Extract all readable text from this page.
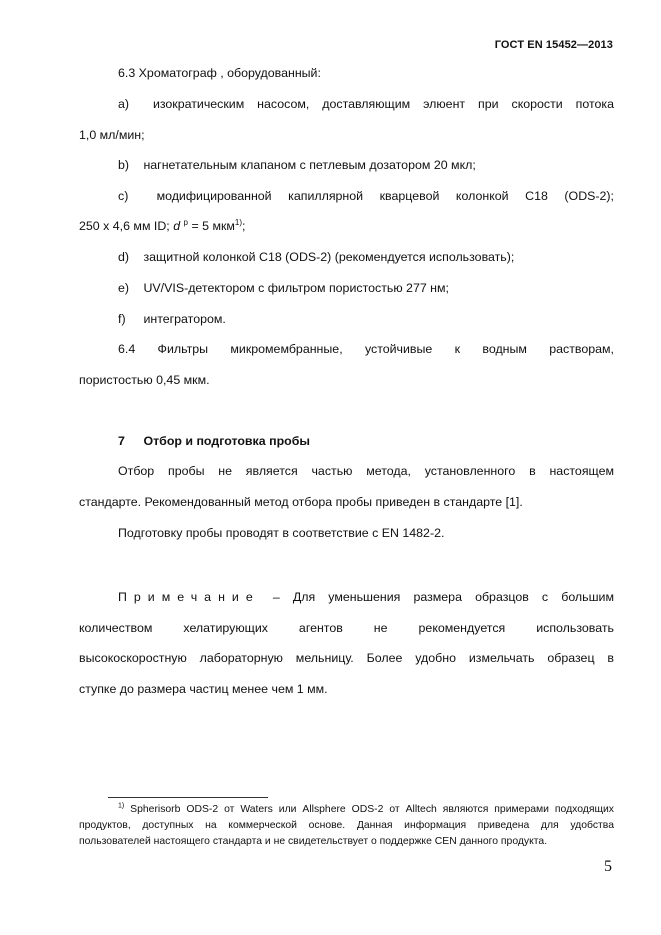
ГОСТ EN 15452—2013
6.3 Хроматограф , оборудованный:
a) изократическим насосом, доставляющим элюент при скорости потока
1,0 мл/мин;
b) нагнетательным клапаном с петлевым дозатором 20 мкл;
c) модифицированной капиллярной кварцевой колонкой С18 (ODS-2);
250 x 4,6 мм ID; d $^p$ = 5 мкм$^{1)}$;
d) защитной колонкой С18 (ODS-2) (рекомендуется использовать);
e) UV/VIS-детектором с фильтром пористостью 277 нм;
f) интегратором.
6.4 Фильтры микромембранные, устойчивые к водным растворам,
пористостью 0,45 мкм.
7 Отбор и подготовка пробы
Отбор пробы не является частью метода, установленного в настоящем
стандарте. Рекомендованный метод отбора пробы приведен в стандарте [1].
Подготовку пробы проводят в соответствие с EN 1482-2.
Примечание – Для уменьшения размера образцов с большим
количеством хелатирующих агентов не рекомендуется использовать
высокоскоростную лабораторную мельницу. Более удобно измельчать образец в
ступке до размера частиц менее чем 1 мм.
$^{1)}$ Spherisorb ODS-2 от Waters или Allsphere ODS-2 от Alltech являются примерами подходящих
продуктов, доступных на коммерческой основе. Данная информация приведена для удобства
пользователей настоящего стандарта и не свидетельствует о поддержке CEN данного продукта.
5
